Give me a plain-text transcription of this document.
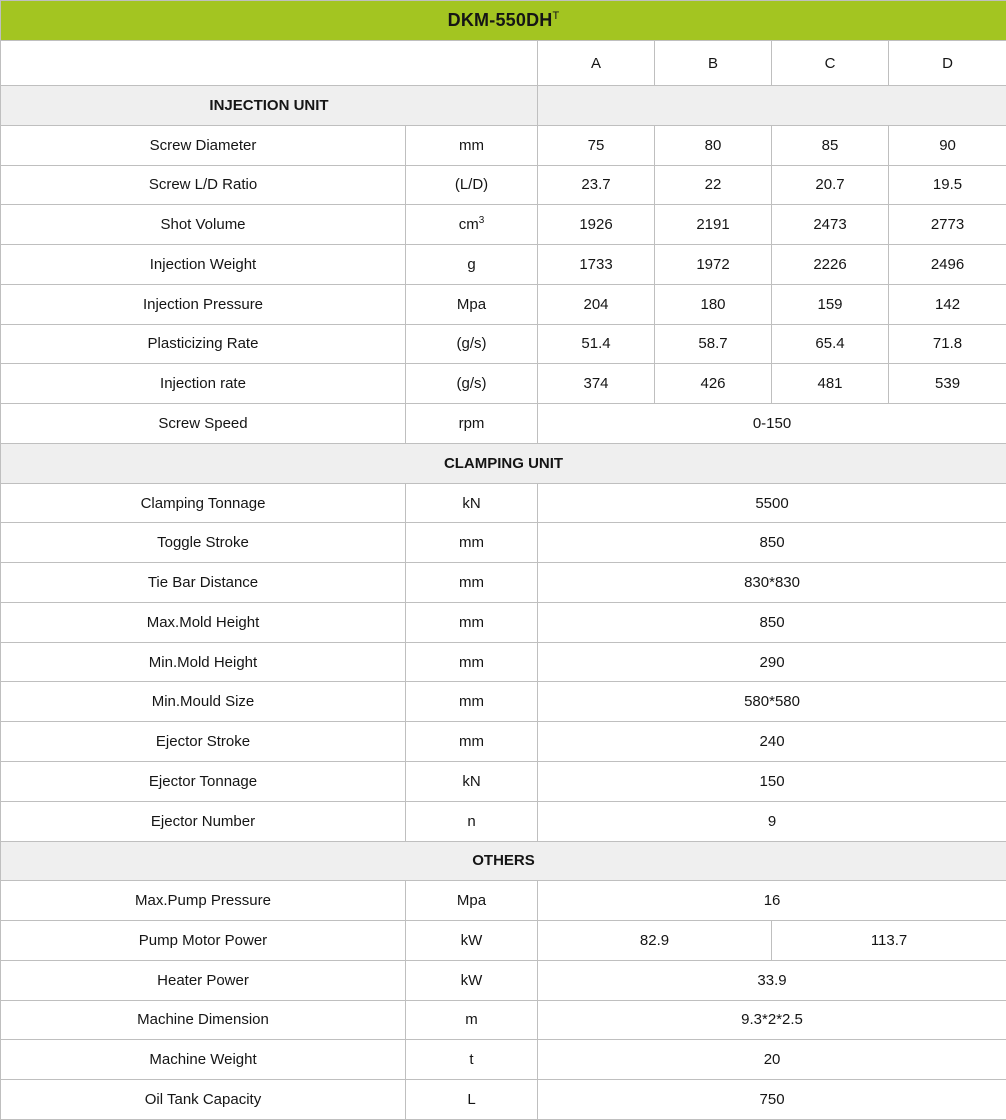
DKM-$550DH^T$
		A	B	C	D
INJECTION UNIT					
Screw Diameter	mm	75	80	85	90
Screw L/D Ratio	(L/D)	23.7	22	20.7	19.5
Shot Volume	$cm^3$	1926	2191	2473	2773
Injection Weight	g	1733	1972	2226	2496
Injection Pressure	Mpa	204	180	159	142
Plasticizing Rate	(g/s)	51.4	58.7	65.4	71.8
Injection rate	(g/s)	374	426	481	539
Screw Speed	rpm	0-150			
CLAMPING UNIT					
Clamping Tonnage	kN	5500			
Toggle Stroke	mm	850			
Tie Bar Distance	mm	830*830			
Max.Mold Height	mm	850			
Min.Mold Height	mm	290			
Min.Mould Size	mm	580*580			
Ejector Stroke	mm	240			
Ejector Tonnage	kN	150			
Ejector Number	n	9			
OTHERS					
Max.Pump Pressure	Mpa	16			
Pump Motor Power	kW	82.9		113.7	
Heater Power	kW	33.9			
Machine Dimension	m	9.3*2*2.5			
Machine Weight	t	20			
Oil Tank Capacity	L	750			
